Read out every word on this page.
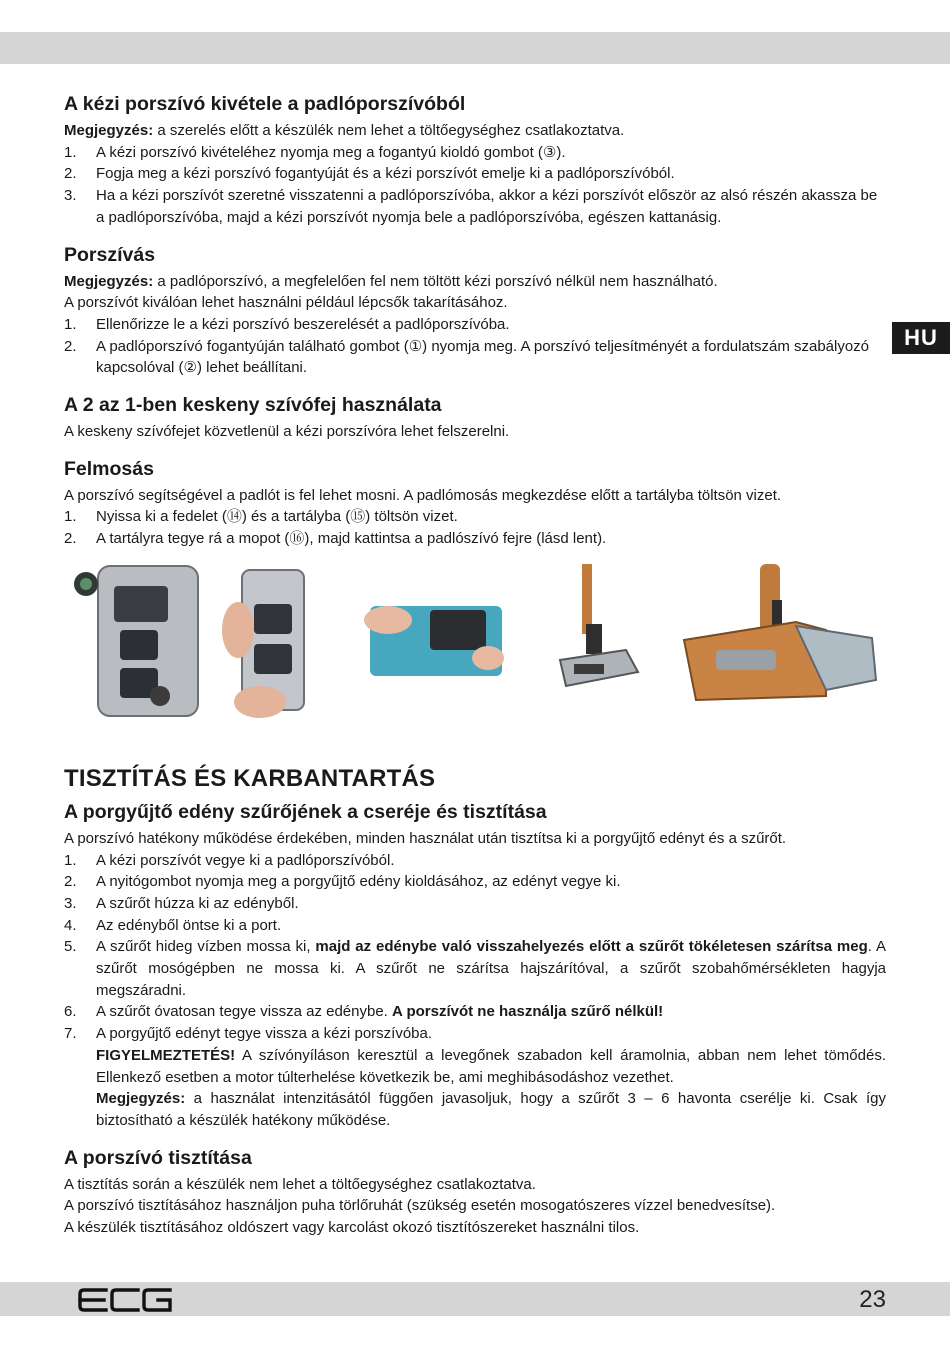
HU
A kézi porszívó kivétele a padlóporszívóból

Megjegyzés: a szerelés előtt a készülék nem lehet a töltőegységhez csatlakoztatva.

1. A kézi porszívó kivételéhez nyomja meg a fogantyú kioldó gombot (③).
2. Fogja meg a kézi porszívó fogantyúját és a kézi porszívót emelje ki a padlóporszívóból.
3. Ha a kézi porszívót szeretné visszatenni a padlóporszívóba, akkor a kézi porszívót először az alsó részén akassza be a padlóporszívóba, majd a kézi porszívót nyomja bele a padlóporszívóba, egészen kattanásig.
Porszívás

Megjegyzés: a padlóporszívó, a megfelelően fel nem töltött kézi porszívó nélkül nem használható.

A porszívót kiválóan lehet használni például lépcsők takarításához.

1. Ellenőrizze le a kézi porszívó beszerelését a padlóporszívóba.
2. A padlóporszívó fogantyúján található gombot (①) nyomja meg. A porszívó teljesítményét a fordulatszám szabályozó kapcsolóval (②) lehet beállítani.
A 2 az 1-ben keskeny szívófej használata

A keskeny szívófejet közvetlenül a kézi porszívóra lehet felszerelni.

Felmosás

A porszívó segítségével a padlót is fel lehet mosni. A padlómosás megkezdése előtt a tartályba töltsön vizet.

1. Nyissa ki a fedelet (⑭) és a tartályba (⑮) töltsön vizet.
2. A tartályra tegye rá a mopot (⑯), majd kattintsa a padlószívó fejre (lásd lent).
TISZTÍTÁS ÉS KARBANTARTÁS
A porgyűjtő edény szűrőjének a cseréje és tisztítása

A porszívó hatékony működése érdekében, minden használat után tisztítsa ki a porgyűjtő edényt és a szűrőt.

1. A kézi porszívót vegye ki a padlóporszívóból.
2. A nyitógombot nyomja meg a porgyűjtő edény kioldásához, az edényt vegye ki.
3. A szűrőt húzza ki az edényből.
4. Az edényből öntse ki a port.
5. A szűrőt hideg vízben mossa ki, majd az edénybe való visszahelyezés előtt a szűrőt tökéletesen szárítsa meg. A szűrőt mosógépben ne mossa ki. A szűrőt ne szárítsa hajszárítóval, a szűrőt szobahőmérsékleten hagyja megszáradni.
6. A szűrőt óvatosan tegye vissza az edénybe. A porszívót ne használja szűrő nélkül!
7. A porgyűjtő edényt tegye vissza a kézi porszívóba.
FIGYELMEZTETÉS! A szívónyíláson keresztül a levegőnek szabadon kell áramolnia, abban nem lehet tömődés. Ellenkező esetben a motor túlterhelése következik be, ami meghibásodáshoz vezethet.
Megjegyzés: a használat intenzitásától függően javasoljuk, hogy a szűrőt 3 – 6 havonta cserélje ki. Csak így biztosítható a készülék hatékony működése.
A porszívó tisztítása

A tisztítás során a készülék nem lehet a töltőegységhez csatlakoztatva.

A porszívó tisztításához használjon puha törlőruhát (szükség esetén mosogatószeres vízzel benedvesítse).

A készülék tisztításához oldószert vagy karcolást okozó tisztítószereket használni tilos.

23
